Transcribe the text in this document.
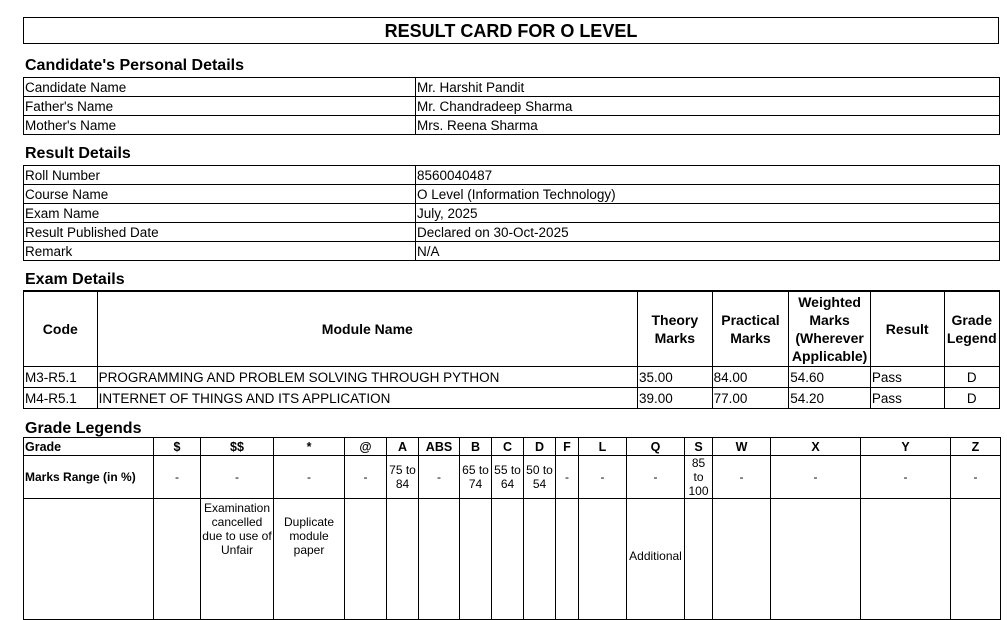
RESULT CARD FOR O LEVEL
Candidate's Personal Details
Candidate Name	Mr. Harshit Pandit
Father's Name	Mr. Chandradeep Sharma
Mother's Name	Mrs. Reena Sharma
Result Details
Roll Number	8560040487
Course Name	O Level (Information Technology)
Exam Name	July, 2025
Result Published Date	Declared on 30-Oct-2025
Remark	N/A
Exam Details
Code	Module Name	Theory Marks	Practical Marks	Weighted Marks (Wherever Applicable)	Result	Grade Legend
M3-R5.1	PROGRAMMING AND PROBLEM SOLVING THROUGH PYTHON	35.00	84.00	54.60	Pass	D
M4-R5.1	INTERNET OF THINGS AND ITS APPLICATION	39.00	77.00	54.20	Pass	D
Grade Legends
Grade	$	$$	*	@	A	ABS	B	C	D	F	L	Q	S	W	X	Y	Z
Marks Range (in %)	-	-	-	-	75 to 84	-	65 to 74	55 to 64	50 to 54	-	-	-	85 to 100	-	-	-	-
		Examination cancelled due to use of Unfair	Duplicate module paper									Additional					
